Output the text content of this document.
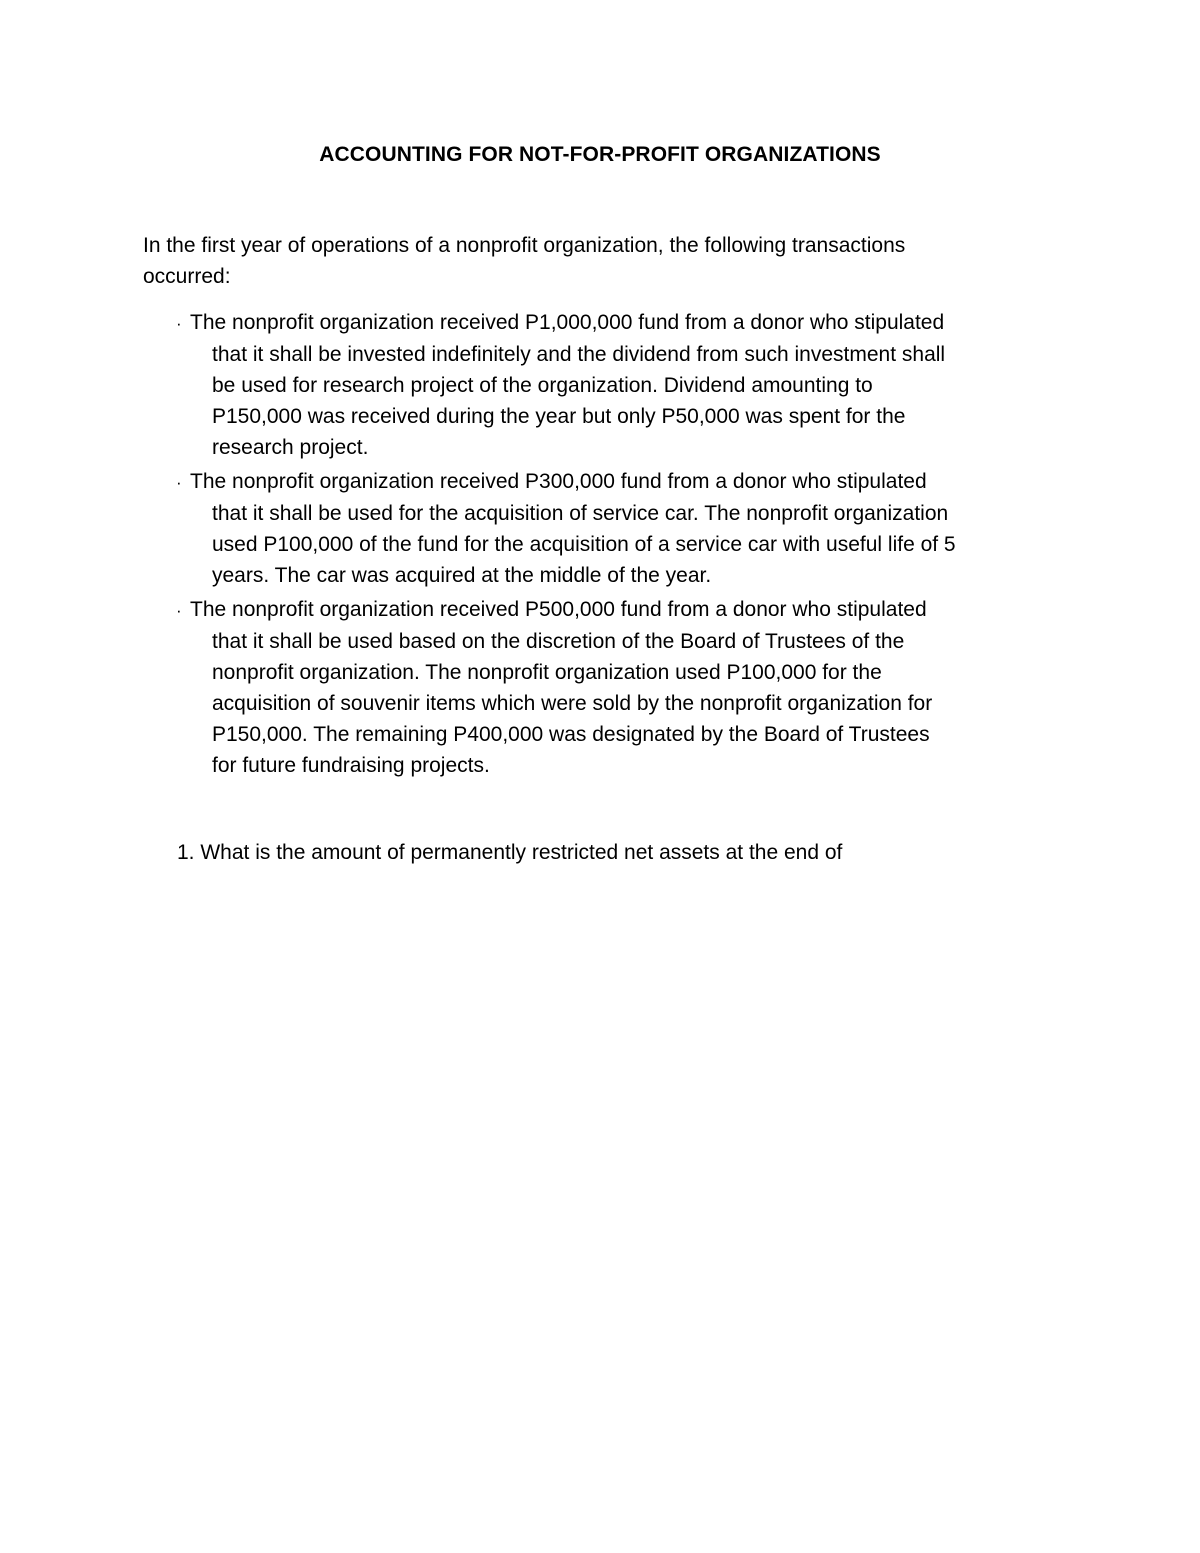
ACCOUNTING FOR NOT-FOR-PROFIT ORGANIZATIONS
In the first year of operations of a nonprofit organization, the following transactions
occurred:
· The nonprofit organization received P1,000,000 fund from a donor who stipulated
that it shall be invested indefinitely and the dividend from such investment shall
be used for research project of the organization. Dividend amounting to
P150,000 was received during the year but only P50,000 was spent for the
research project.
· The nonprofit organization received P300,000 fund from a donor who stipulated
that it shall be used for the acquisition of service car. The nonprofit organization
used P100,000 of the fund for the acquisition of a service car with useful life of 5
years. The car was acquired at the middle of the year.
· The nonprofit organization received P500,000 fund from a donor who stipulated
that it shall be used based on the discretion of the Board of Trustees of the
nonprofit organization. The nonprofit organization used P100,000 for the
acquisition of souvenir items which were sold by the nonprofit organization for
P150,000. The remaining P400,000 was designated by the Board of Trustees
for future fundraising projects.
1. What is the amount of permanently restricted net assets at the end of
